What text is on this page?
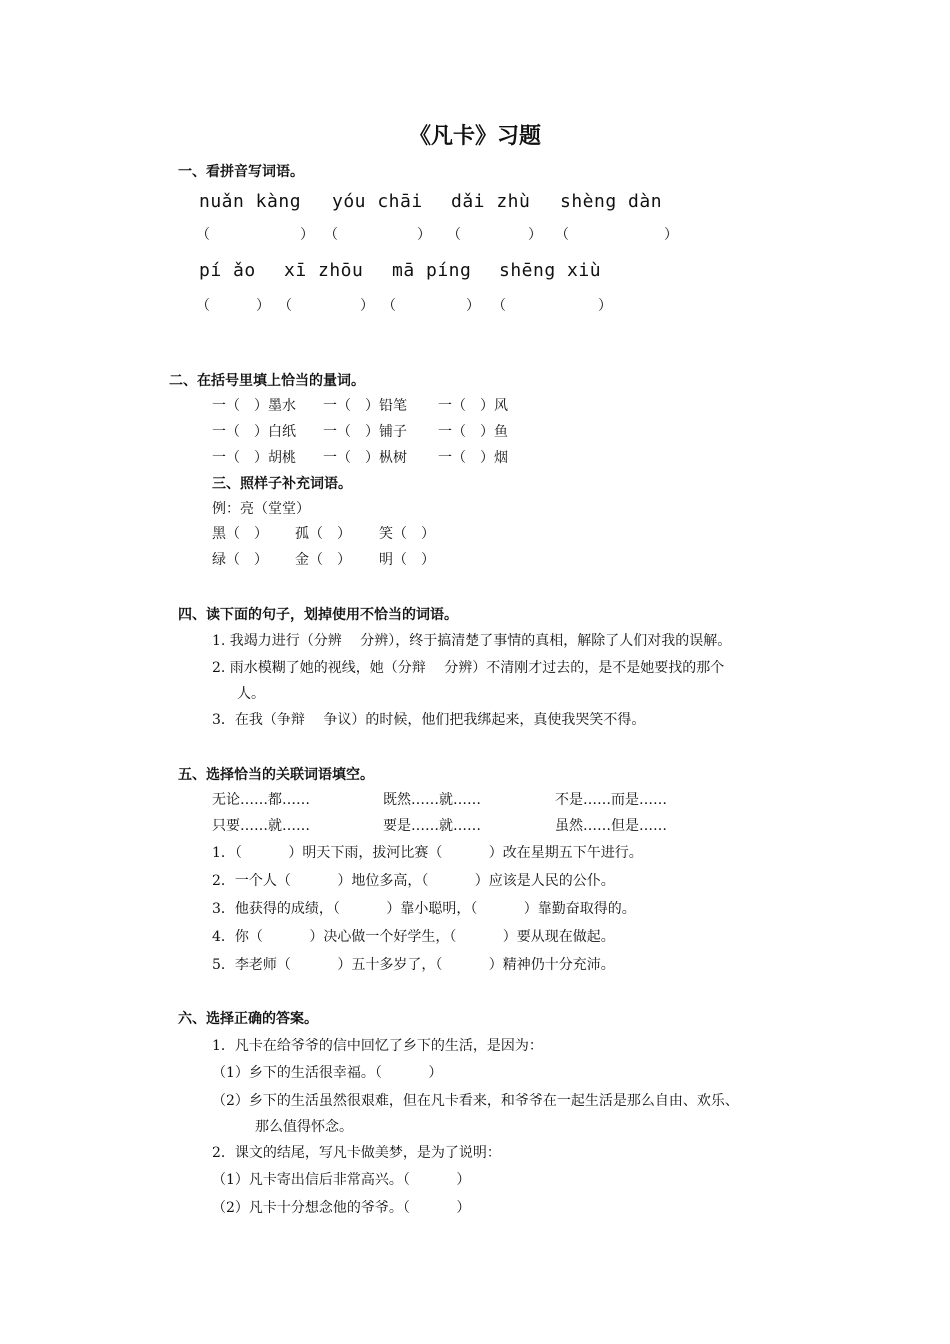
《凡卡》习题
一、看拼音写词语。
nuǎn kàng yóu chāi dǎi zhù shèng dàn
（	） （	） （	） （	）
pí ǎo xī zhōu mā píng shēng xiù
（	） （	） （	） （	）
二、在括号里填上恰当的量词。
一（　）墨水 一（　）铅笔 一（　）风
一（　）白纸 一（　）铺子 一（　）鱼
一（　）胡桃 一（　）枞树 一（　）烟
三、照样子补充词语。
例：亮（堂堂）
黑（　） 孤（　） 笑（　）
绿（　） 金（　） 明（　）
四、读下面的句子，划掉使用不恰当的词语。
1. 我竭力进行（分辨　 分辨），终于搞清楚了事情的真相，解除了人们对我的误解。
2. 雨水模糊了她的视线，她（分辩　 分辨）不清刚才过去的，是不是她要找的那个
人。
3．在我（争辩　 争议）的时候，他们把我绑起来，真使我哭笑不得。
五、选择恰当的关联词语填空。
无论……都……	既然……就……	不是……而是……
只要……就……	要是……就……	虽然……但是……
1．（　　　 ）明天下雨，拔河比赛（　　　 ）改在星期五下午进行。
2．一个人（　　　 ）地位多高，（　　　 ）应该是人民的公仆。
3．他获得的成绩，（　　　 ）靠小聪明，（　　　 ）靠勤奋取得的。
4．你（　　　 ）决心做一个好学生，（　　　 ）要从现在做起。
5．李老师（　　　 ）五十多岁了，（　　　 ）精神仍十分充沛。
六、选择正确的答案。
1．凡卡在给爷爷的信中回忆了乡下的生活，是因为：
（1）乡下的生活很幸福。（　　　 ）
（2）乡下的生活虽然很艰难，但在凡卡看来，和爷爷在一起生活是那么自由、欢乐、
那么值得怀念。
2．课文的结尾，写凡卡做美梦，是为了说明：
（1）凡卡寄出信后非常高兴。（　　　 ）
（2）凡卡十分想念他的爷爷。（　　　 ）
